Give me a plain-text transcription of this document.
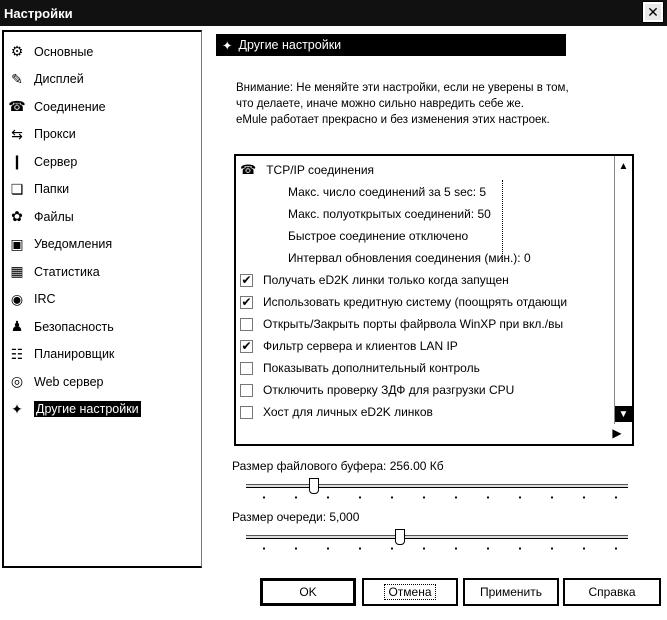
Настройки	✕
⚙ Основные
✎ Дисплей
☎ Соединение
⇆ Прокси
❙ Сервер
❏ Папки
✿ Файлы
▣ Уведомления
▦ Статистика
◉ IRC
♟ Безопасность
☷ Планировщик
◎ Web сервер
✦ Другие настройки
✦ Другие настройки	·:
Внимание: Не меняйте эти настройки, если не уверены в том,
что делаете, иначе можно сильно навредить себе же.
eMule работает прекрасно и без изменения этих настроек.
☎ TCP/IP соединения
Макс. число соединений за 5 sec: 5
Макс. полуоткрытых соединений: 50
Быстрое соединение отключено
Интервал обновления соединения (мин.): 0
✔ Получать eD2K линки только когда запущен
✔ Использовать кредитную систему (поощрять отдающи
Открыть/Закрыть порты файрвола WinXP при вкл./вы
✔ Фильтр сервера и клиентов LAN IP
Показывать дополнительный контроль
Отключить проверку ЗДФ для разгрузки CPU
Хост для личных eD2K линков
▲
▼
▶
Размер файлового буфера: 256.00 Кб
Размер очереди: 5,000
OK	Отмена	Применить	Справка
